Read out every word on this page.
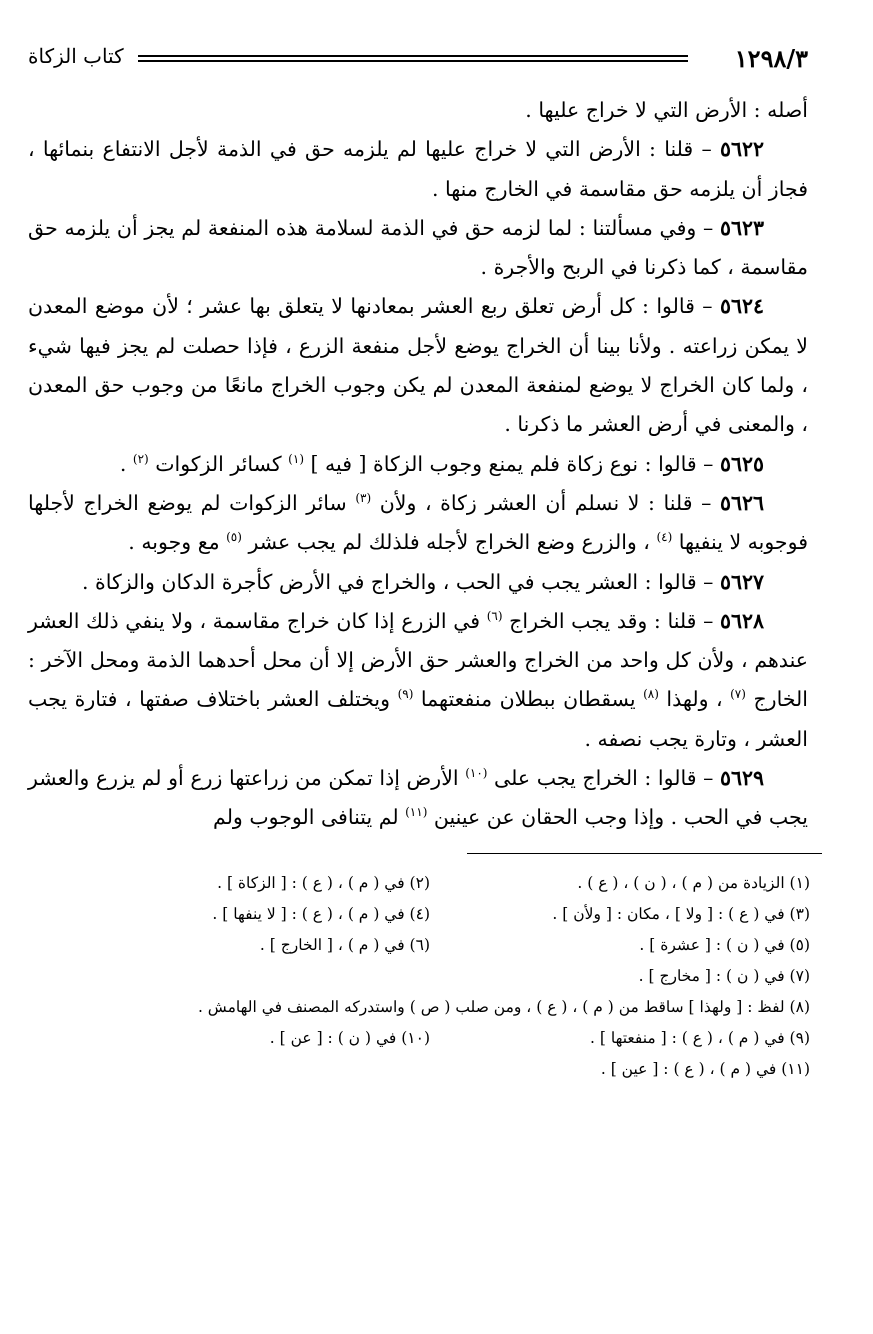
١٢٩٨/٣
كتاب الزكاة

أصله : الأرض التي لا خراج عليها .

٥٦٢٢ – قلنا : الأرض التي لا خراج عليها لم يلزمه حق في الذمة لأجل الانتفاع بنمائها ، فجاز أن يلزمه حق مقاسمة في الخارج منها .

٥٦٢٣ – وفي مسألتنا : لما لزمه حق في الذمة لسلامة هذه المنفعة لم يجز أن يلزمه حق مقاسمة ، كما ذكرنا في الربح والأجرة .

٥٦٢٤ – قالوا : كل أرض تعلق ربع العشر بمعادنها لا يتعلق بها عشر ؛ لأن موضع المعدن لا يمكن زراعته . ولأنا بينا أن الخراج يوضع لأجل منفعة الزرع ، فإذا حصلت لم يجز فيها شيء ، ولما كان الخراج لا يوضع لمنفعة المعدن لم يكن وجوب الخراج مانعًا من وجوب حق المعدن ، والمعنى في أرض العشر ما ذكرنا .

٥٦٢٥ – قالوا : نوع زكاة فلم يمنع وجوب الزكاة [ فيه ] $^{(١)}$ كسائر الزكوات $^{(٢)}$ .

٥٦٢٦ – قلنا : لا نسلم أن العشر زكاة ، ولأن $^{(٣)}$ سائر الزكوات لم يوضع الخراج لأجلها فوجوبه لا ينفيها $^{(٤)}$ ، والزرع وضع الخراج لأجله فلذلك لم يجب عشر $^{(٥)}$ مع وجوبه .

٥٦٢٧ – قالوا : العشر يجب في الحب ، والخراج في الأرض كأجرة الدكان والزكاة .

٥٦٢٨ – قلنا : وقد يجب الخراج $^{(٦)}$ في الزرع إذا كان خراج مقاسمة ، ولا ينفي ذلك العشر عندهم ، ولأن كل واحد من الخراج والعشر حق الأرض إلا أن محل أحدهما الذمة ومحل الآخر : الخارج $^{(٧)}$ ، ولهذا $^{(٨)}$ يسقطان ببطلان منفعتهما $^{(٩)}$ ويختلف العشر باختلاف صفتها ، فتارة يجب العشر ، وتارة يجب نصفه .

٥٦٢٩ – قالوا : الخراج يجب على $^{(١٠)}$ الأرض إذا تمكن من زراعتها زرع أو لم يزرع والعشر يجب في الحب . وإذا وجب الحقان عن عينين $^{(١١)}$ لم يتنافى الوجوب ولم

(١) الزيادة من ( م ) ، ( ن ) ، ( ع ) .
(٢) في ( م ) ، ( ع ) : [ الزكاة ] .
(٣) في ( ع ) : [ ولا ] ، مكان : [ ولأن ] .
(٤) في ( م ) ، ( ع ) : [ لا ينفها ] .
(٥) في ( ن ) : [ عشرة ] .
(٦) في ( م ) ، [ الخارج ] .
(٧) في ( ن ) : [ مخارج ] .
(٨) لفظ : [ ولهذا ] ساقط من ( م ) ، ( ع ) ، ومن صلب ( ص ) واستدركه المصنف في الهامش .
(٩) في ( م ) ، ( ع ) : [ منفعتها ] .
(١٠) في ( ن ) : [ عن ] .
(١١) في ( م ) ، ( ع ) : [ عين ] .
